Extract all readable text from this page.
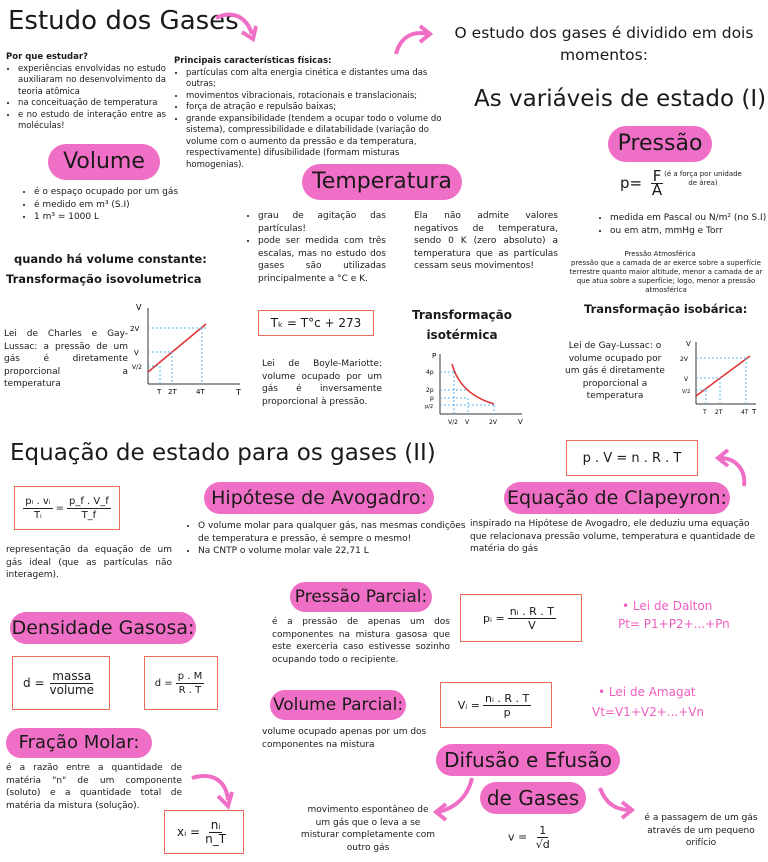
Estudo dos Gases	O estudo dos gases é dividido em dois momentos:
Por que estudar?
• experiências envolvidas no estudo auxiliaram no desenvolvimento da teoria atômica
• na conceituação de temperatura
• e no estudo de interação entre as moléculas!
Principais características físicas:
• partículas com alta energia cinética e distantes uma das outras;
• movimentos vibracionais, rotacionais e translacionais;
• força de atração e repulsão baixas;
• grande expansibilidade (tendem a ocupar todo o volume do sistema), compressibilidade e dilatabilidade (variação do volume com o aumento da pressão e da temperatura, respectivamente) difusibilidade (formam misturas homogenias).
As variáveis de estado (I)
Volume
• é o espaço ocupado por um gás
• é medido em m³ (S.I)
• 1 m³ = 1000 L
quando há volume constante:
Transformação isovolumetrica
Lei de Charles e Gay-Lussac: a pressão de um gás é diretamente proporcional a temperatura
V
T
2V
V
V/2
T 2T	4T
Temperatura
• grau de agitação das partículas!
• pode ser medida com três escalas, mas no estudo dos gases são utilizadas principalmente a °C e K.
Tₖ = T°c + 273
Ela não admite valores negativos de temperatura, sendo 0 K (zero absoluto) a temperatura que as partículas cessam seus movimentos!
Lei de Boyle-Mariotte: volume ocupado por um gás é inversamente proporcional à pressão.
Transformação isotérmica
P
V
4p
2p
p
p/2
V/2 V	2V
Pressão
$p= \frac{F}{A}$ (é a força por unidade de área)
• medida em Pascal ou N/m² (no S.I)
• ou em atm, mmHg e Torr
Pressão Atmosférica
pressão que a camada de ar exerce sobre a superfície terrestre quanto maior altitude, menor a camada de ar que atua sobre a superfície; logo, menor a pressão atmosférica
Transformação isobárica:
Lei de Gay-Lussac: o volume ocupado por um gás é diretamente proporcional a temperatura
V
T
2V
V
V/2
T 2T	4T
Equação de estado para os gases (II)	p . V = n . R . T
$\frac{\text{pᵢ . vᵢ}}{\text{Tᵢ}} = \frac{p\_f . V\_f}{T\_f}$
representação da equação de um gás ideal (que as partículas não interagem).
Hipótese de Avogadro:
• O volume molar para qualquer gás, nas mesmas condições de temperatura e pressão, é sempre o mesmo!
• Na CNTP o volume molar vale 22,71 L
Equação de Clapeyron:
inspirado na Hipótese de Avogadro, ele deduziu uma equação que relacionava pressão volume, temperatura e quantidade de matéria do gás
Densidade Gasosa:
$d = \frac{\text{massa}}{\text{volume}}$	$d = \frac{p . M}{R . T}$
Pressão Parcial:
é a pressão de apenas um dos componentes na mistura gasosa que este exerceria caso estivesse sozinho ocupando todo o recipiente.
pᵢ = $\frac{\text{nᵢ . R . T}}{V}$	• Lei de Dalton
Pt= P1+P2+...+Pn
Volume Parcial:
volume ocupado apenas por um dos componentes na mistura
Vᵢ = $\frac{\text{nᵢ . R . T}}{p}$	• Lei de Amagat
Vt=V1+V2+...+Vn
Fração Molar:
é a razão entre a quantidade de matéria "n" de um componente (soluto) e a quantidade total de matéria da mistura (solução).
xᵢ = $\frac{\text{nᵢ}}{n\_T}$
Difusão e Efusão
de Gases
movimento espontâneo de um gás que o leva a se misturar completamente com outro gás
é a passagem de um gás através de um pequeno orifício
$v = \frac{1}{√d}$
